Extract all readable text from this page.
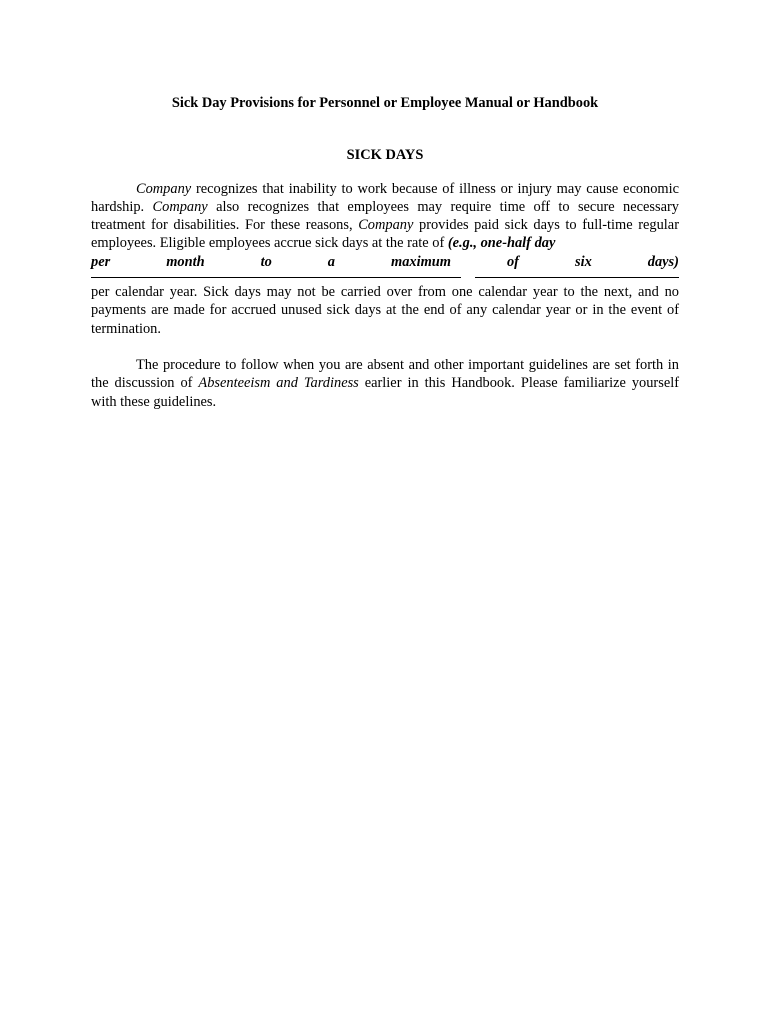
Sick Day Provisions for Personnel or Employee Manual or Handbook

SICK DAYS

Company recognizes that inability to work because of illness or injury may cause economic hardship. Company also recognizes that employees may require time off to secure necessary treatment for disabilities. For these reasons, Company provides paid sick days to full-time regular employees. Eligible employees accrue sick days at the rate of (e.g., one-half day

per	month	to	a	maximum	of	six	days)

per calendar year. Sick days may not be carried over from one calendar year to the next, and no payments are made for accrued unused sick days at the end of any calendar year or in the event of termination.

The procedure to follow when you are absent and other important guidelines are set forth in the discussion of Absenteeism and Tardiness earlier in this Handbook. Please familiarize yourself with these guidelines.
